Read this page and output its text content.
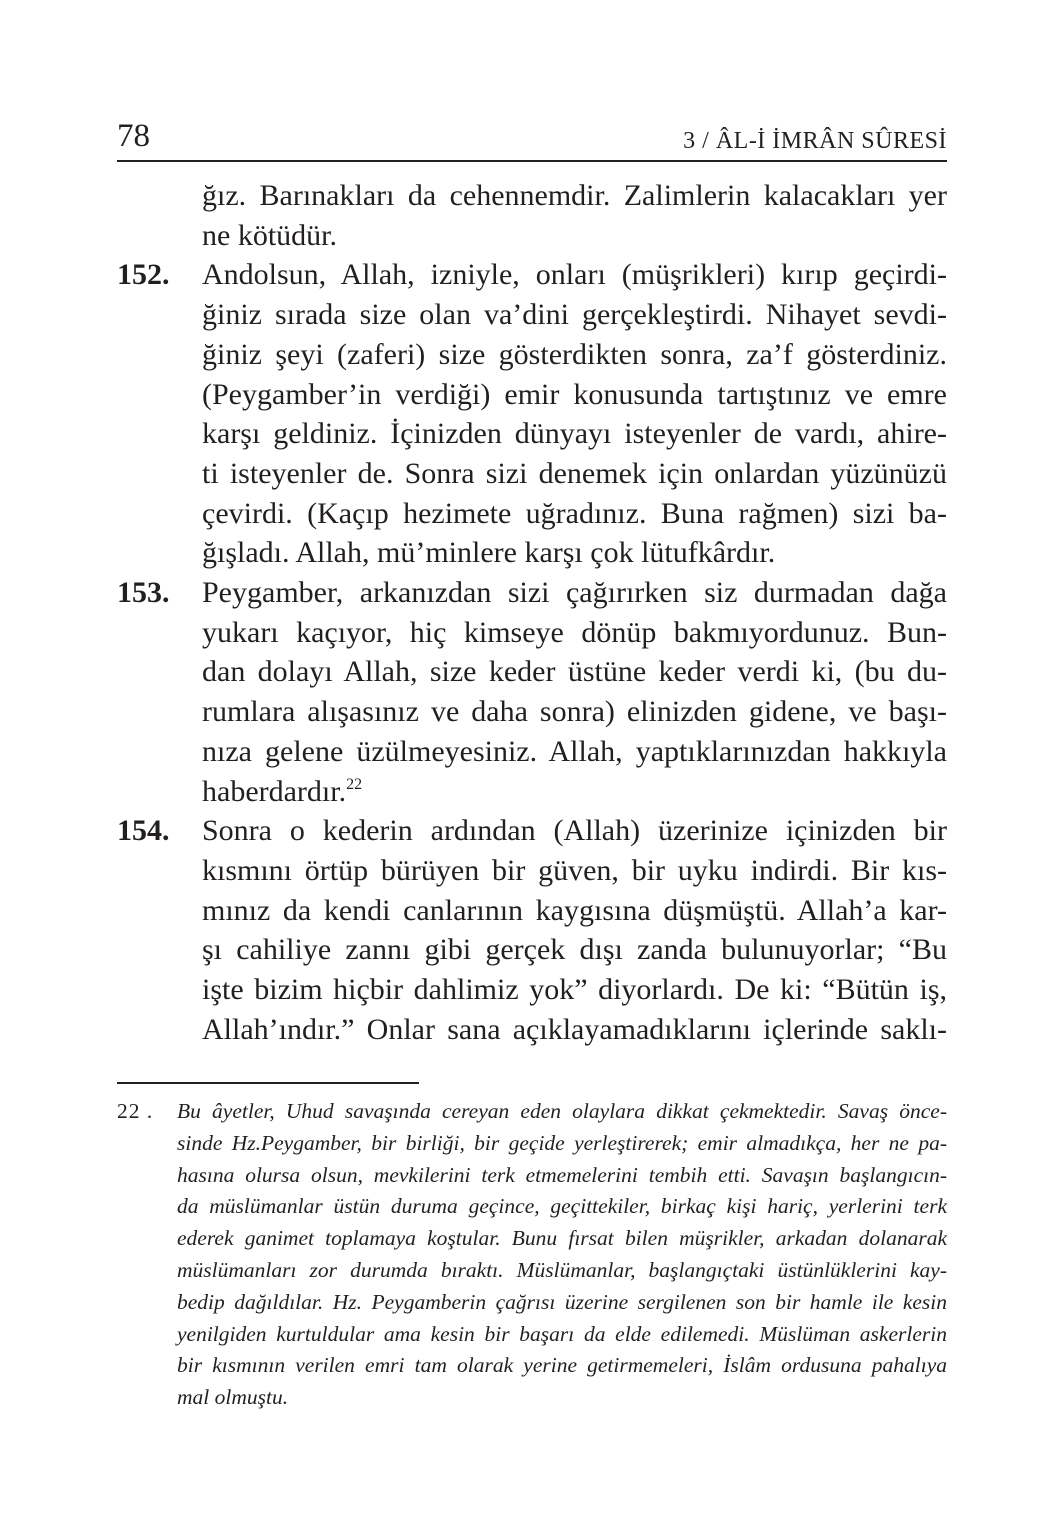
78	3 / ÂL-İ İMRÂN SÛRESİ
ğız. Barınakları da cehennemdir. Zalimlerin kalacakları yer
ne kötüdür.
152. Andolsun, Allah, izniyle, onları (müşrikleri) kırıp geçirdi-
ğiniz sırada size olan va’dini gerçekleştirdi. Nihayet sevdi-
ğiniz şeyi (zaferi) size gösterdikten sonra, za’f gösterdiniz.
(Peygamber’in verdiği) emir konusunda tartıştınız ve emre
karşı geldiniz. İçinizden dünyayı isteyenler de vardı, ahire-
ti isteyenler de. Sonra sizi denemek için onlardan yüzünüzü
çevirdi. (Kaçıp hezimete uğradınız. Buna rağmen) sizi ba-
ğışladı. Allah, mü’minlere karşı çok lütufkârdır.
153. Peygamber, arkanızdan sizi çağırırken siz durmadan dağa
yukarı kaçıyor, hiç kimseye dönüp bakmıyordunuz. Bun-
dan dolayı Allah, size keder üstüne keder verdi ki, (bu du-
rumlara alışasınız ve daha sonra) elinizden gidene, ve başı-
nıza gelene üzülmeyesiniz. Allah, yaptıklarınızdan hakkıyla
haberdardır.$^{22}$
154. Sonra o kederin ardından (Allah) üzerinize içinizden bir
kısmını örtüp bürüyen bir güven, bir uyku indirdi. Bir kıs-
mınız da kendi canlarının kaygısına düşmüştü. Allah’a kar-
şı cahiliye zannı gibi gerçek dışı zanda bulunuyorlar; “Bu
işte bizim hiçbir dahlimiz yok” diyorlardı. De ki: “Bütün iş,
Allah’ındır.” Onlar sana açıklayamadıklarını içlerinde saklı-
22 . Bu âyetler, Uhud savaşında cereyan eden olaylara dikkat çekmektedir. Savaş önce-
sinde Hz.Peygamber, bir birliği, bir geçide yerleştirerek; emir almadıkça, her ne pa-
hasına olursa olsun, mevkilerini terk etmemelerini tembih etti. Savaşın başlangıcın-
da müslümanlar üstün duruma geçince, geçittekiler, birkaç kişi hariç, yerlerini terk
ederek ganimet toplamaya koştular. Bunu fırsat bilen müşrikler, arkadan dolanarak
müslümanları zor durumda bıraktı. Müslümanlar, başlangıçtaki üstünlüklerini kay-
bedip dağıldılar. Hz. Peygamberin çağrısı üzerine sergilenen son bir hamle ile kesin
yenilgiden kurtuldular ama kesin bir başarı da elde edilemedi. Müslüman askerlerin
bir kısmının verilen emri tam olarak yerine getirmemeleri, İslâm ordusuna pahalıya
mal olmuştu.
